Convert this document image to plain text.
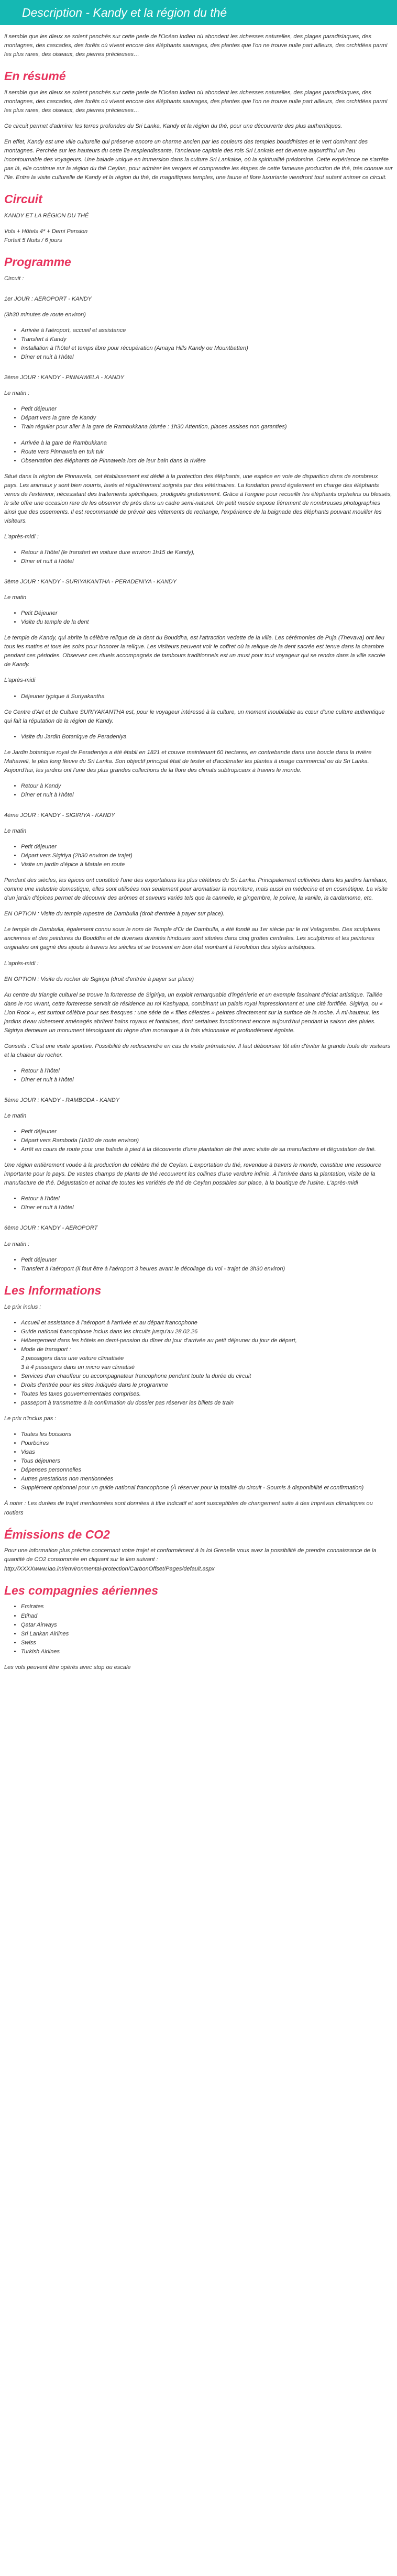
Description - Kandy et la région du thé

Il semble que les dieux se soient penchés sur cette perle de l'Océan Indien où abondent les richesses naturelles, des plages paradisiaques, des montagnes, des cascades, des forêts où vivent encore des éléphants sauvages, des plantes que l'on ne trouve nulle part ailleurs, des orchidées parmi les plus rares, des oiseaux, des pierres précieuses…

En résumé

Il semble que les dieux se soient penchés sur cette perle de l'Océan Indien où abondent les richesses naturelles, des plages paradisiaques, des montagnes, des cascades, des forêts où vivent encore des éléphants sauvages, des plantes que l'on ne trouve nulle part ailleurs, des orchidées parmi les plus rares, des oiseaux, des pierres précieuses…

Ce circuit permet d'admirer les terres profondes du Sri Lanka, Kandy et la région du thé, pour une découverte des plus authentiques.

En effet, Kandy est une ville culturelle qui préserve encore un charme ancien par les couleurs des temples bouddhistes et le vert dominant des montagnes. Perchée sur les hauteurs du cette île resplendissante, l'ancienne capitale des rois Sri Lankais est devenue aujourd'hui un lieu incontournable des voyageurs. Une balade unique en immersion dans la culture Sri Lankaise, où la spiritualité prédomine. Cette expérience ne s'arrête pas là, elle continue sur la région du thé Ceylan, pour admirer les vergers et comprendre les étapes de cette fameuse production de thé, très connue sur l'île. Entre la visite culturelle de Kandy et la région du thé, de magnifiques temples, une faune et flore luxuriante viendront tout autant animer ce circuit.

Circuit

KANDY ET LA RÉGION DU THÉ

Vols + Hôtels 4* + Demi Pension

Forfait 5 Nuits / 6 jours

Programme

Circuit :

1er JOUR : AEROPORT - KANDY

(3h30 minutes de route environ)

• Arrivée à l'aéroport, accueil et assistance
• Transfert à Kandy
• Installation à l'hôtel et temps libre pour récupération (Amaya Hills Kandy ou Mountbatten)
• Dîner et nuit à l'hôtel

2ème JOUR : KANDY - PINNAWELA - KANDY

Le matin :

• Petit déjeuner
• Départ vers la gare de Kandy
• Train régulier pour aller à la gare de Rambukkana (durée : 1h30 Attention, places assises non garanties)
• Arrivée à la gare de Rambukkana
• Route vers Pinnawela en tuk tuk
• Observation des éléphants de Pinnawela lors de leur bain dans la rivière

Situé dans la région de Pinnawela, cet établissement est dédié à la protection des éléphants, une espèce en voie de disparition dans de nombreux pays. Les animaux y sont bien nourris, lavés et régulièrement soignés par des vétérinaires. La fondation prend également en charge des éléphants venus de l'extérieur, nécessitant des traitements spécifiques, prodigués gratuitement. Grâce à l'origine pour recueillir les éléphants orphelins ou blessés, le site offre une occasion rare de les observer de près dans un cadre semi-naturel. Un petit musée expose fièrement de nombreuses photographies ainsi que des ossements. Il est recommandé de prévoir des vêtements de rechange, l'expérience de la baignade des éléphants pouvant mouiller les visiteurs.

L'après-midi :

• Retour à l'hôtel (le transfert en voiture dure environ 1h15 de Kandy),
• Dîner et nuit à l'hôtel

3ème JOUR : KANDY - SURIYAKANTHA - PERADENIYA - KANDY

Le matin

• Petit Déjeuner
• Visite du temple de la dent

Le temple de Kandy, qui abrite la célèbre relique de la dent du Bouddha, est l'attraction vedette de la ville. Les cérémonies de Puja (Thevava) ont lieu tous les matins et tous les soirs pour honorer la relique. Les visiteurs peuvent voir le coffret où la relique de la dent sacrée est tenue dans la chambre pendant ces périodes. Observez ces rituels accompagnés de tambours traditionnels est un must pour tout voyageur qui se rendra dans la ville sacrée de Kandy.

L'après-midi

• Déjeuner typique à Suriyakantha

Ce Centre d'Art et de Culture SURIYAKANTHA est, pour le voyageur intéressé à la culture, un moment inoubliable au cœur d'une culture authentique qui fait la réputation de la région de Kandy.

• Visite du Jardin Botanique de Peradeniya

Le Jardin botanique royal de Peradeniya a été établi en 1821 et couvre maintenant 60 hectares, en contrebande dans une boucle dans la rivière Mahaweli, le plus long fleuve du Sri Lanka. Son objectif principal était de tester et d'acclimater les plantes à usage commercial ou du Sri Lanka. Aujourd'hui, les jardins ont l'une des plus grandes collections de la flore des climats subtropicaux à travers le monde.

• Retour à Kandy
• Dîner et nuit à l'hôtel

4ème JOUR : KANDY - SIGIRIYA - KANDY

Le matin

• Petit déjeuner
• Départ vers Sigiriya (2h30 environ de trajet)
• Visite un jardin d'épice à Matale en route

Pendant des siècles, les épices ont constitué l'une des exportations les plus célèbres du Sri Lanka. Principalement cultivées dans les jardins familiaux, comme une industrie domestique, elles sont utilisées non seulement pour aromatiser la nourriture, mais aussi en médecine et en cosmétique. La visite d'un jardin d'épices permet de découvrir des arômes et saveurs variés tels que la cannelle, le gingembre, le poivre, la vanille, la cardamome, etc.

EN OPTION : Visite du temple rupestre de Dambulla (droit d'entrée à payer sur place).

Le temple de Dambulla, également connu sous le nom de Temple d'Or de Dambulla, a été fondé au 1er siècle par le roi Valagamba. Des sculptures anciennes et des peintures du Bouddha et de diverses divinités hindoues sont situées dans cinq grottes centrales. Les sculptures et les peintures originales ont gagné des ajouts à travers les siècles et se trouvent en bon état montrant à l'évolution des styles artistiques.

L'après-midi :

EN OPTION : Visite du rocher de Sigiriya (droit d'entrée à payer sur place)

Au centre du triangle culturel se trouve la forteresse de Sigiriya, un exploit remarquable d'ingénierie et un exemple fascinant d'éclat artistique. Taillée dans le roc vivant, cette forteresse servait de résidence au roi Kashyapa, combinant un palais royal impressionnant et une cité fortifiée. Sigiriya, ou « Lion Rock », est surtout célèbre pour ses fresques : une série de « filles célestes » peintes directement sur la surface de la roche. À mi-hauteur, les jardins d'eau richement aménagés abritent bains royaux et fontaines, dont certaines fonctionnent encore aujourd'hui pendant la saison des pluies. Sigiriya demeure un monument témoignant du règne d'un monarque à la fois visionnaire et profondément égoïste.

Conseils : C'est une visite sportive. Possibilité de redescendre en cas de visite prématurée. Il faut déboursier tôt afin d'éviter la grande foule de visiteurs et la chaleur du rocher.

• Retour à l'hôtel
• Dîner et nuit à l'hôtel

5ème JOUR : KANDY - RAMBODA - KANDY

Le matin

• Petit déjeuner
• Départ vers Ramboda (1h30 de route environ)
• Arrêt en cours de route pour une balade à pied à la découverte d'une plantation de thé avec visite de sa manufacture et dégustation de thé.

Une région entièrement vouée à la production du célèbre thé de Ceylan. L'exportation du thé, revendue à travers le monde, constitue une ressource importante pour le pays. De vastes champs de plants de thé recouvrent les collines d'une verdure infinie. À l'arrivée dans la plantation, visite de la manufacture de thé. Dégustation et achat de toutes les variétés de thé de Ceylan possibles sur place, à la boutique de l'usine. L'après-midi

• Retour à l'hôtel
• Dîner et nuit à l'hôtel

6ème JOUR : KANDY - AEROPORT

Le matin :

• Petit déjeuner
• Transfert à l'aéroport (Il faut être à l'aéroport 3 heures avant le décollage du vol - trajet de 3h30 environ)
Les Informations

Le prix inclus :

• Accueil et assistance à l'aéroport à l'arrivée et au départ francophone
• Guide national francophone inclus dans les circuits jusqu'au 28.02.26
• Hébergement dans les hôtels en demi-pension du dîner du jour d'arrivée au petit déjeuner du jour de départ,
• Mode de transport :
2 passagers dans une voiture climatisée
3 à 4 passagers dans un micro van climatisé
• Services d'un chauffeur ou accompagnateur francophone pendant toute la durée du circuit
• Droits d'entrée pour les sites indiqués dans le programme
• Toutes les taxes gouvernementales comprises.
• passeport à transmettre à la confirmation du dossier pas réserver les billets de train

Le prix n'inclus pas :

• Toutes les boissons
• Pourboires
• Visas
• Tous déjeuners
• Dépenses personnelles
• Autres prestations non mentionnées
• Supplément optionnel pour un guide national francophone (À réserver pour la totalité du circuit - Soumis à disponibilité et confirmation)

À noter : Les durées de trajet mentionnées sont données à titre indicatif et sont susceptibles de changement suite à des imprévus climatiques ou routiers

Émissions de CO2

Pour une information plus précise concernant votre trajet et conformément à la loi Grenelle vous avez la possibilité de prendre connaissance de la quantité de CO2 consommée en cliquant sur le lien suivant :
http://XXXXwww.iao.int/environmental-protection/CarbonOffset/Pages/default.aspx

Les compagnies aériennes
• Emirates
• Etihad
• Qatar Airways
• Sri Lankan Airlines
• Swiss
• Turkish Airlines

Les vols peuvent être opérés avec stop ou escale
